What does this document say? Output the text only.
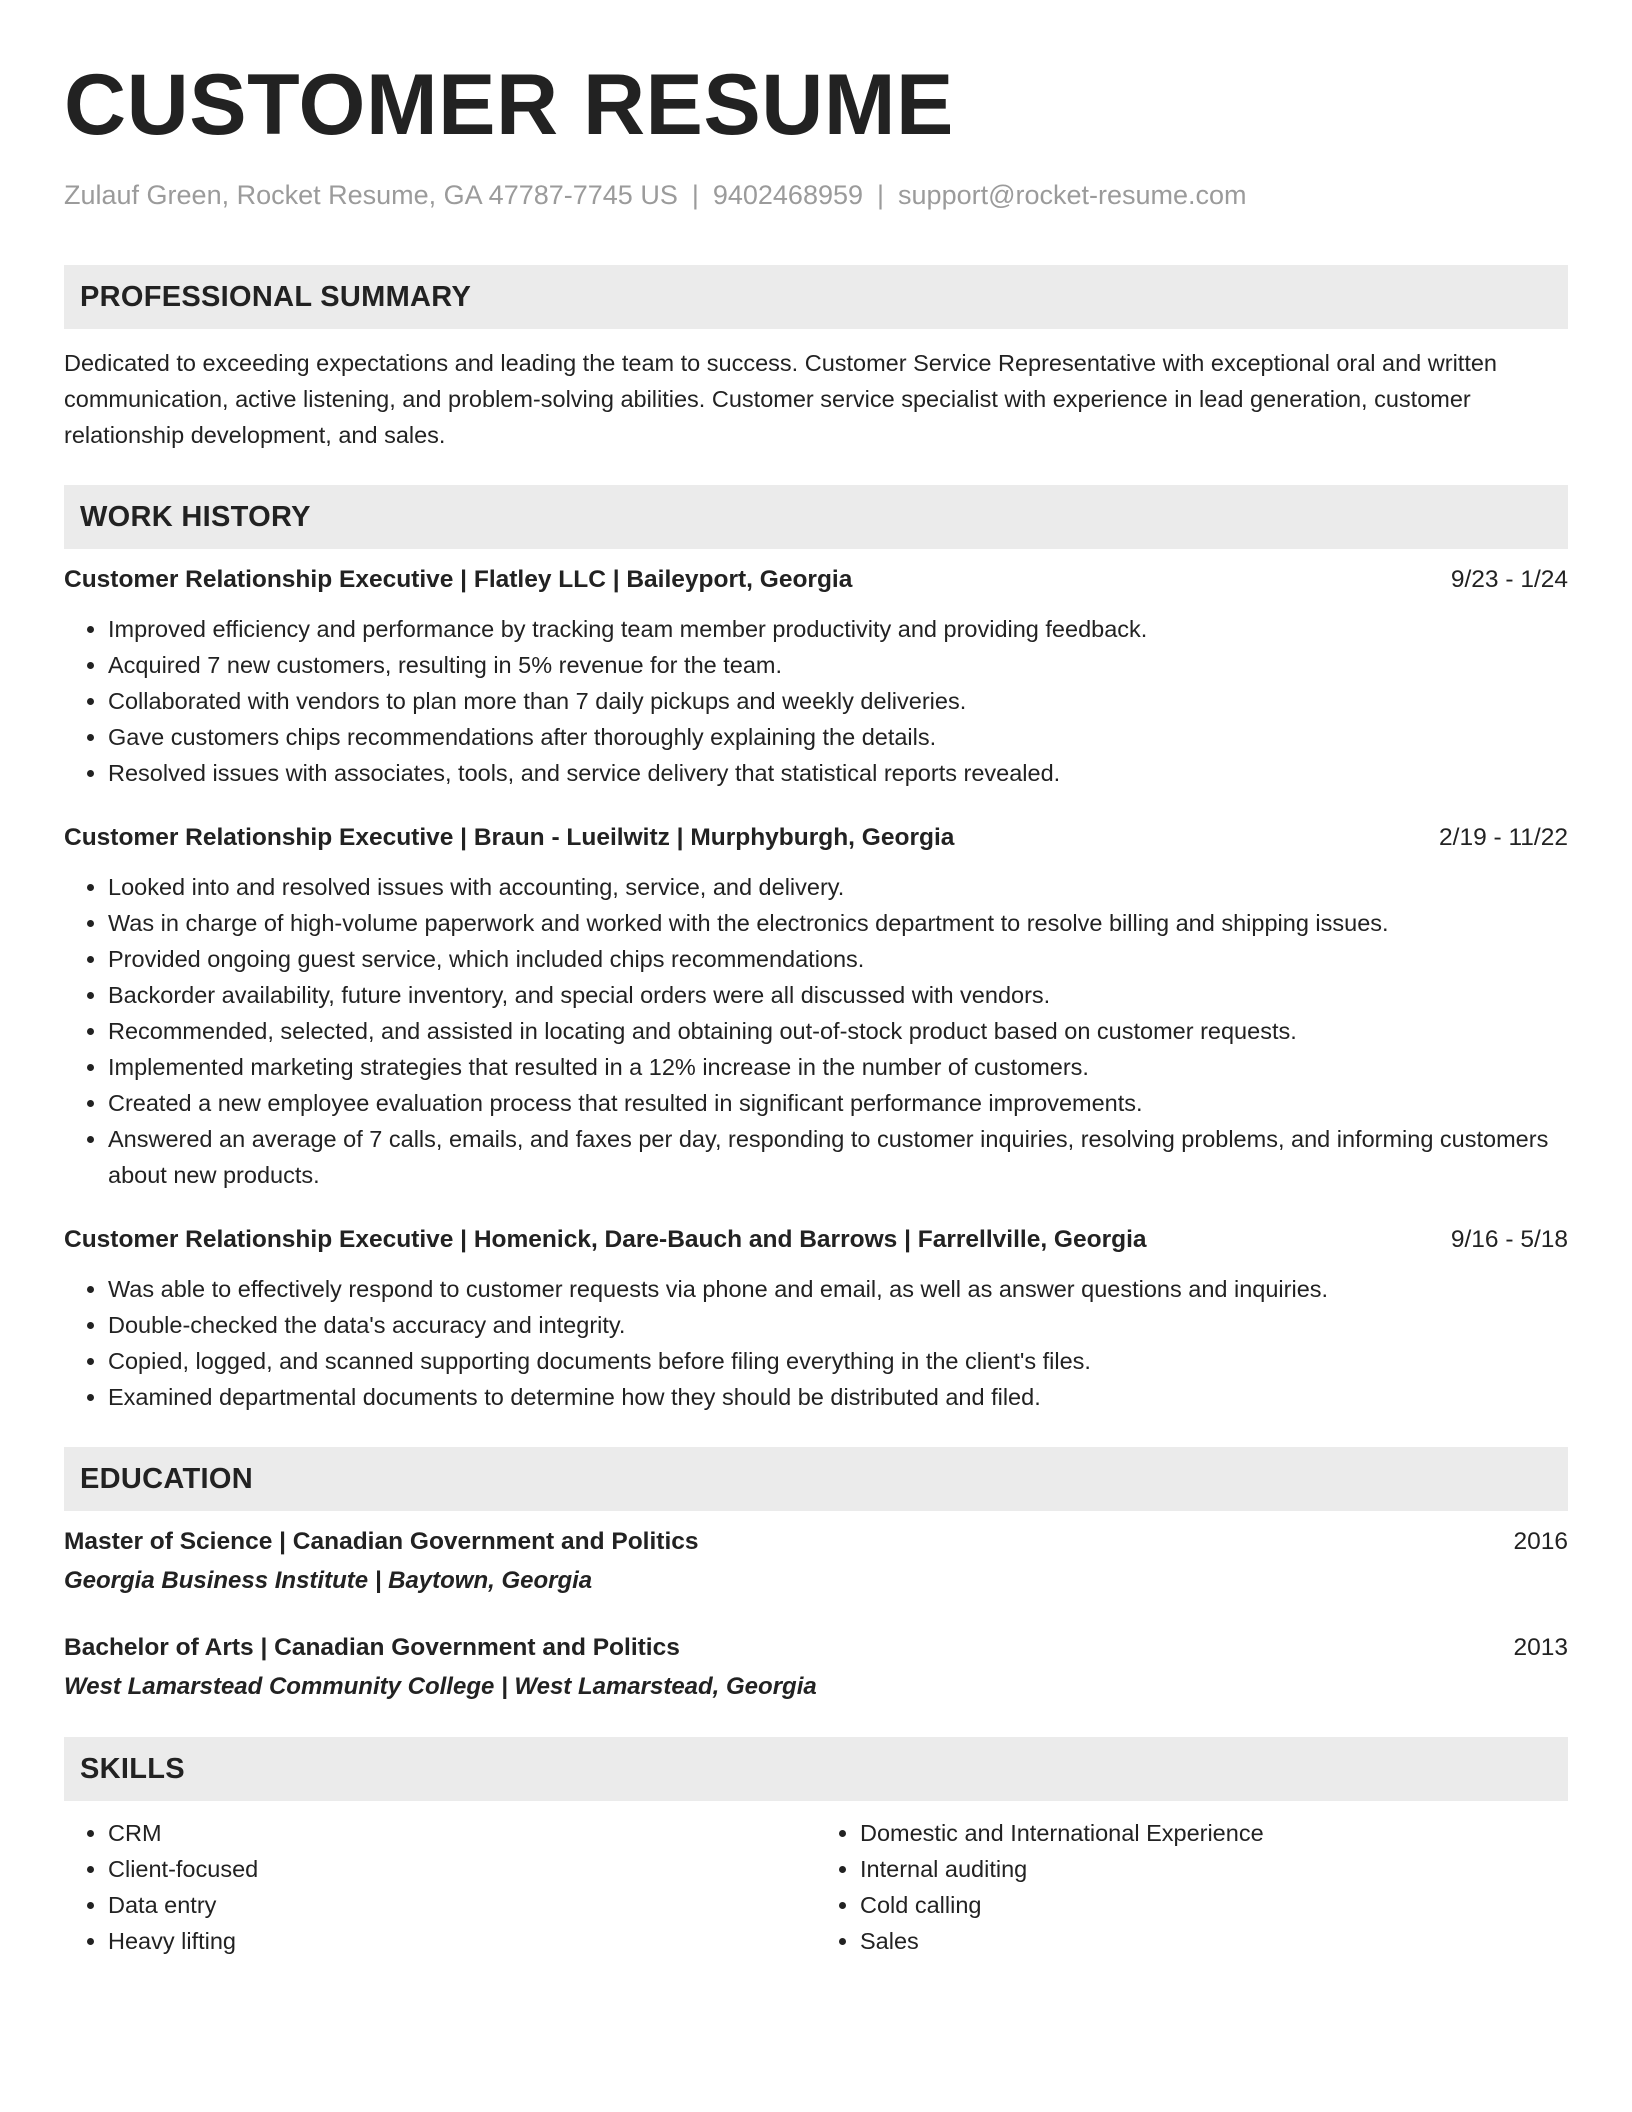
CUSTOMER RESUME
Zulauf Green, Rocket Resume, GA 47787-7745 US | 9402468959 | support@rocket-resume.com
PROFESSIONAL SUMMARY
Dedicated to exceeding expectations and leading the team to success. Customer Service Representative with exceptional oral and written communication, active listening, and problem-solving abilities. Customer service specialist with experience in lead generation, customer relationship development, and sales.
WORK HISTORY
Customer Relationship Executive | Flatley LLC | Baileyport, Georgia	9/23 - 1/24
• Improved efficiency and performance by tracking team member productivity and providing feedback.
• Acquired 7 new customers, resulting in 5% revenue for the team.
• Collaborated with vendors to plan more than 7 daily pickups and weekly deliveries.
• Gave customers chips recommendations after thoroughly explaining the details.
• Resolved issues with associates, tools, and service delivery that statistical reports revealed.
Customer Relationship Executive | Braun - Lueilwitz | Murphyburgh, Georgia	2/19 - 11/22
• Looked into and resolved issues with accounting, service, and delivery.
• Was in charge of high-volume paperwork and worked with the electronics department to resolve billing and shipping issues.
• Provided ongoing guest service, which included chips recommendations.
• Backorder availability, future inventory, and special orders were all discussed with vendors.
• Recommended, selected, and assisted in locating and obtaining out-of-stock product based on customer requests.
• Implemented marketing strategies that resulted in a 12% increase in the number of customers.
• Created a new employee evaluation process that resulted in significant performance improvements.
• Answered an average of 7 calls, emails, and faxes per day, responding to customer inquiries, resolving problems, and informing customers about new products.
Customer Relationship Executive | Homenick, Dare-Bauch and Barrows | Farrellville, Georgia	9/16 - 5/18
• Was able to effectively respond to customer requests via phone and email, as well as answer questions and inquiries.
• Double-checked the data's accuracy and integrity.
• Copied, logged, and scanned supporting documents before filing everything in the client's files.
• Examined departmental documents to determine how they should be distributed and filed.
EDUCATION
Master of Science | Canadian Government and Politics	2016
Georgia Business Institute | Baytown, Georgia
Bachelor of Arts | Canadian Government and Politics	2013
West Lamarstead Community College | West Lamarstead, Georgia
SKILLS
• CRM
• Client-focused
• Data entry
• Heavy lifting
• Domestic and International Experience
• Internal auditing
• Cold calling
• Sales
